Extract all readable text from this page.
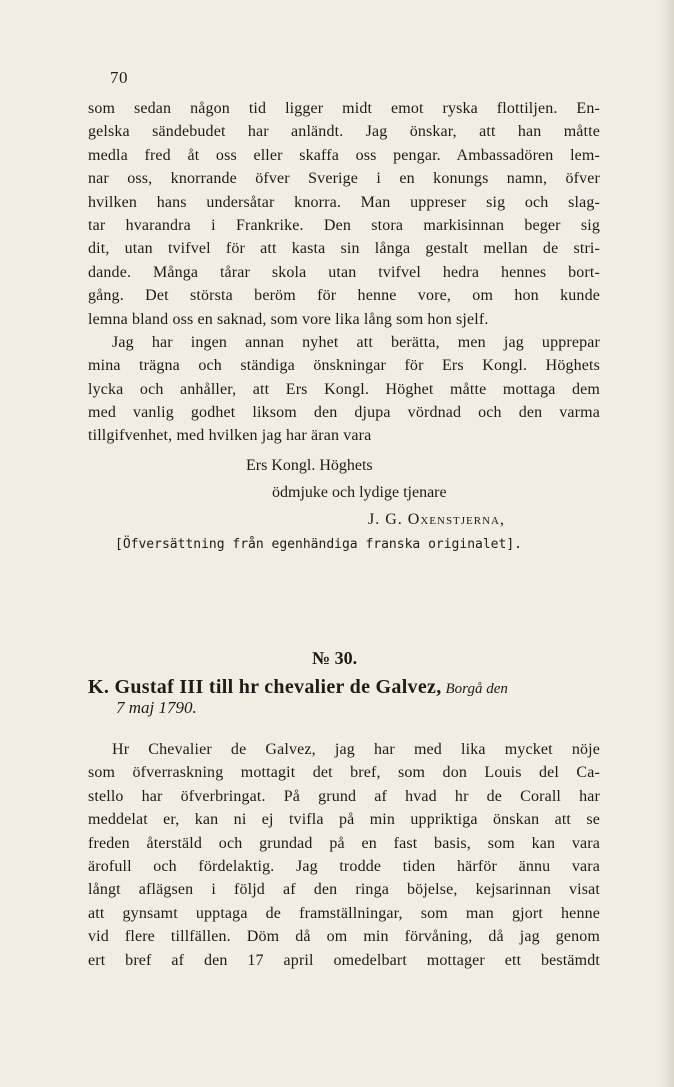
70
som sedan någon tid ligger midt emot ryska flottiljen. En-
gelska sändebudet har anländt. Jag önskar, att han måtte
medla fred åt oss eller skaffa oss pengar. Ambassadören lem-
nar oss, knorrande öfver Sverige i en konungs namn, öfver
hvilken hans undersåtar knorra. Man uppreser sig och slag-
tar hvarandra i Frankrike. Den stora markisinnan beger sig
dit, utan tvifvel för att kasta sin långa gestalt mellan de stri-
dande. Många tårar skola utan tvifvel hedra hennes bort-
gång. Det största beröm för henne vore, om hon kunde
lemna bland oss en saknad, som vore lika lång som hon sjelf.
Jag har ingen annan nyhet att berätta, men jag upprepar
mina trägna och ständiga önskningar för Ers Kongl. Höghets
lycka och anhåller, att Ers Kongl. Höghet måtte mottaga dem
med vanlig godhet liksom den djupa vördnad och den varma
tillgifvenhet, med hvilken jag har äran vara
Ers Kongl. Höghets
ödmjuke och lydige tjenare
J. G. Oxenstjerna,
[Öfversättning från egenhändiga franska originalet].
№ 30.
K. Gustaf III till hr chevalier de Galvez, Borgå den
7 maj 1790.
Hr Chevalier de Galvez, jag har med lika mycket nöje
som öfverraskning mottagit det bref, som don Louis del Ca-
stello har öfverbringat. På grund af hvad hr de Corall har
meddelat er, kan ni ej tvifla på min uppriktiga önskan att se
freden återstäld och grundad på en fast basis, som kan vara
ärofull och fördelaktig. Jag trodde tiden härför ännu vara
långt aflägsen i följd af den ringa böjelse, kejsarinnan visat
att gynsamt upptaga de framställningar, som man gjort henne
vid flere tillfällen. Döm då om min förvåning, då jag genom
ert bref af den 17 april omedelbart mottager ett bestämdt
